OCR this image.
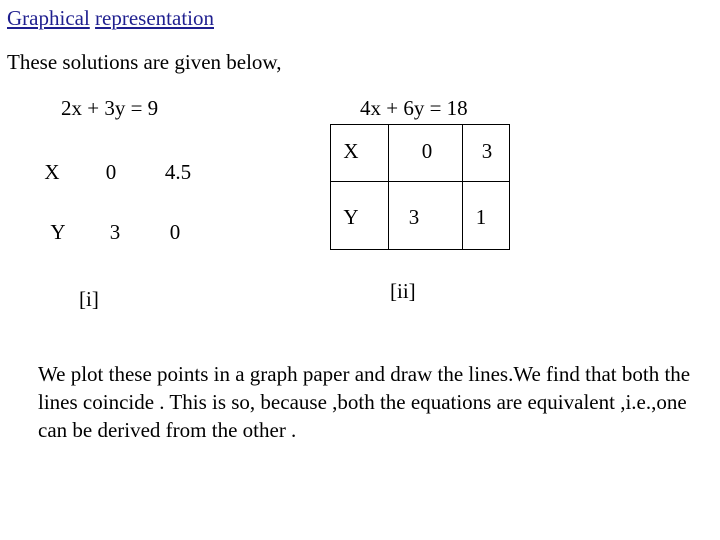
Graphical representation
These solutions are given below,
2x + 3y = 9
X	0	4.5
Y	3	0
[i]
4x + 6y = 18
X	0	3
Y	3	1
[ii]
We plot these points in a graph paper and draw the lines.We find that both the lines coincide . This is so, because ,both the equations are equivalent ,i.e.,one can be derived from the other .
